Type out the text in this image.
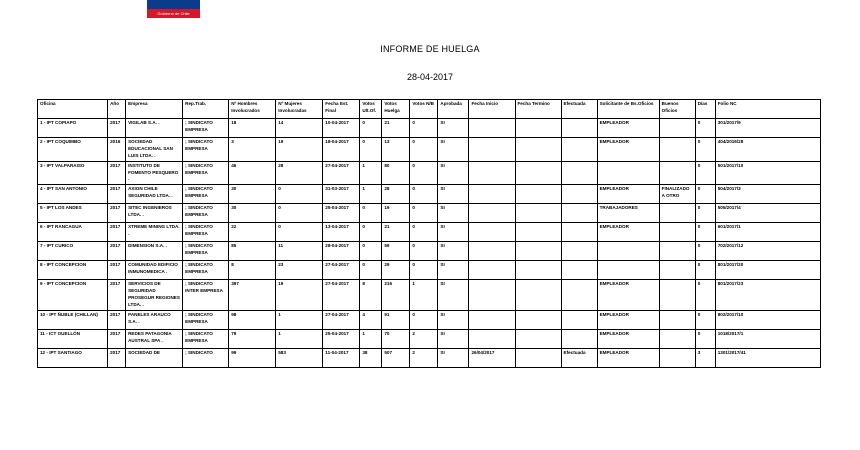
Gobierno de Chile
INFORME DE HUELGA
28-04-2017
Oficina	Año	Empresa	Rep.Trab.	Nº Hombres Involucrados	Nº Mujeres Involucradas	Fecha Est. Final	Votos Ult.Of.	Votos Huelga	Votos N/B	Aprobada	Fecha Inicio	Fecha Termino	Efectuada	Solicitante de Bs.Oficios	Buenos Oficios	Días	Folio NC
1 - IPT COPIAPO	2017	VIGILAB S.A. .	; SINDICATO EMPRESA	18	14	10-04-2017	0	21	0	SI				EMPLEADOR		0	301/2017/9
2 - IPT COQUIMBO	2016	SOCIEDAD EDUCACIONAL SAN LUIS LTDA. .	; SINDICATO EMPRESA	3	19	18-04-2017	0	13	0	SI				EMPLEADOR		0	404/2016/28
3 - IPT VALPARAISO	2017	INSTITUTO DE FOMENTO PESQUERO .	; SINDICATO EMPRESA	46	28	27-04-2017	1	80	0	SI						0	501/2017/10
4 - IPT SAN ANTONIO	2017	AXION CHILE SEGURIDAD LTDA. .	; SINDICATO EMPRESA	30	0	31-03-2017	1	28	0	SI				EMPLEADOR	FINALIZADO A OTRO	0	504/2017/3
5 - IPT LOS ANDES	2017	SITEC INGENIEROS LTDA. .	; SINDICATO EMPRESA	30	0	25-04-2017	0	19	0	SI				TRABAJADORES		0	505/2017/4
6 - IPT RANCAGUA	2017	XTREME MINING LTDA. .	; SINDICATO EMPRESA	22	0	13-04-2017	0	21	0	SI				EMPLEADOR		0	601/2017/1
7 - IPT CURICO	2017	DIMENSION S.A. .	; SINDICATO EMPRESA	85	11	28-04-2017	0	59	0	SI						0	702/2017/12
8 - IPT CONCEPCION	2017	COMUNIDAD EDIFICIO INMUNOMEDICA .	; SINDICATO EMPRESA	8	23	27-04-2017	0	29	0	SI						0	801/2017/20
9 - IPT CONCEPCION	2017	SERVICIOS DE SEGURIDAD PROSEGUR REGIONES LTDA. .	; SINDICATO INTER EMPRESA	397	19	27-04-2017	8	216	1	SI				EMPLEADOR		0	801/2017/23
10 - IPT ÑUBLE (CHILLAN)	2017	PANELES ARAUCO S.A. .	; SINDICATO EMPRESA	98	1	27-04-2017	4	91	0	SI				EMPLEADOR		0	802/2017/10
11 - ICT OUELLÓN	2017	REDES PATAGONIA AUSTRAL SPA .	; SINDICATO EMPRESA	79	1	25-04-2017	1	70	2	SI				EMPLEADOR		0	1018/2017/1
12 - IPT SANTIAGO	2017	SOCIEDAD DE	; SINDICATO	99	583	11-04-2017	38	507	2	SI	26/04/2017		Efectuada	EMPLEADOR		3	1301/2017/41
